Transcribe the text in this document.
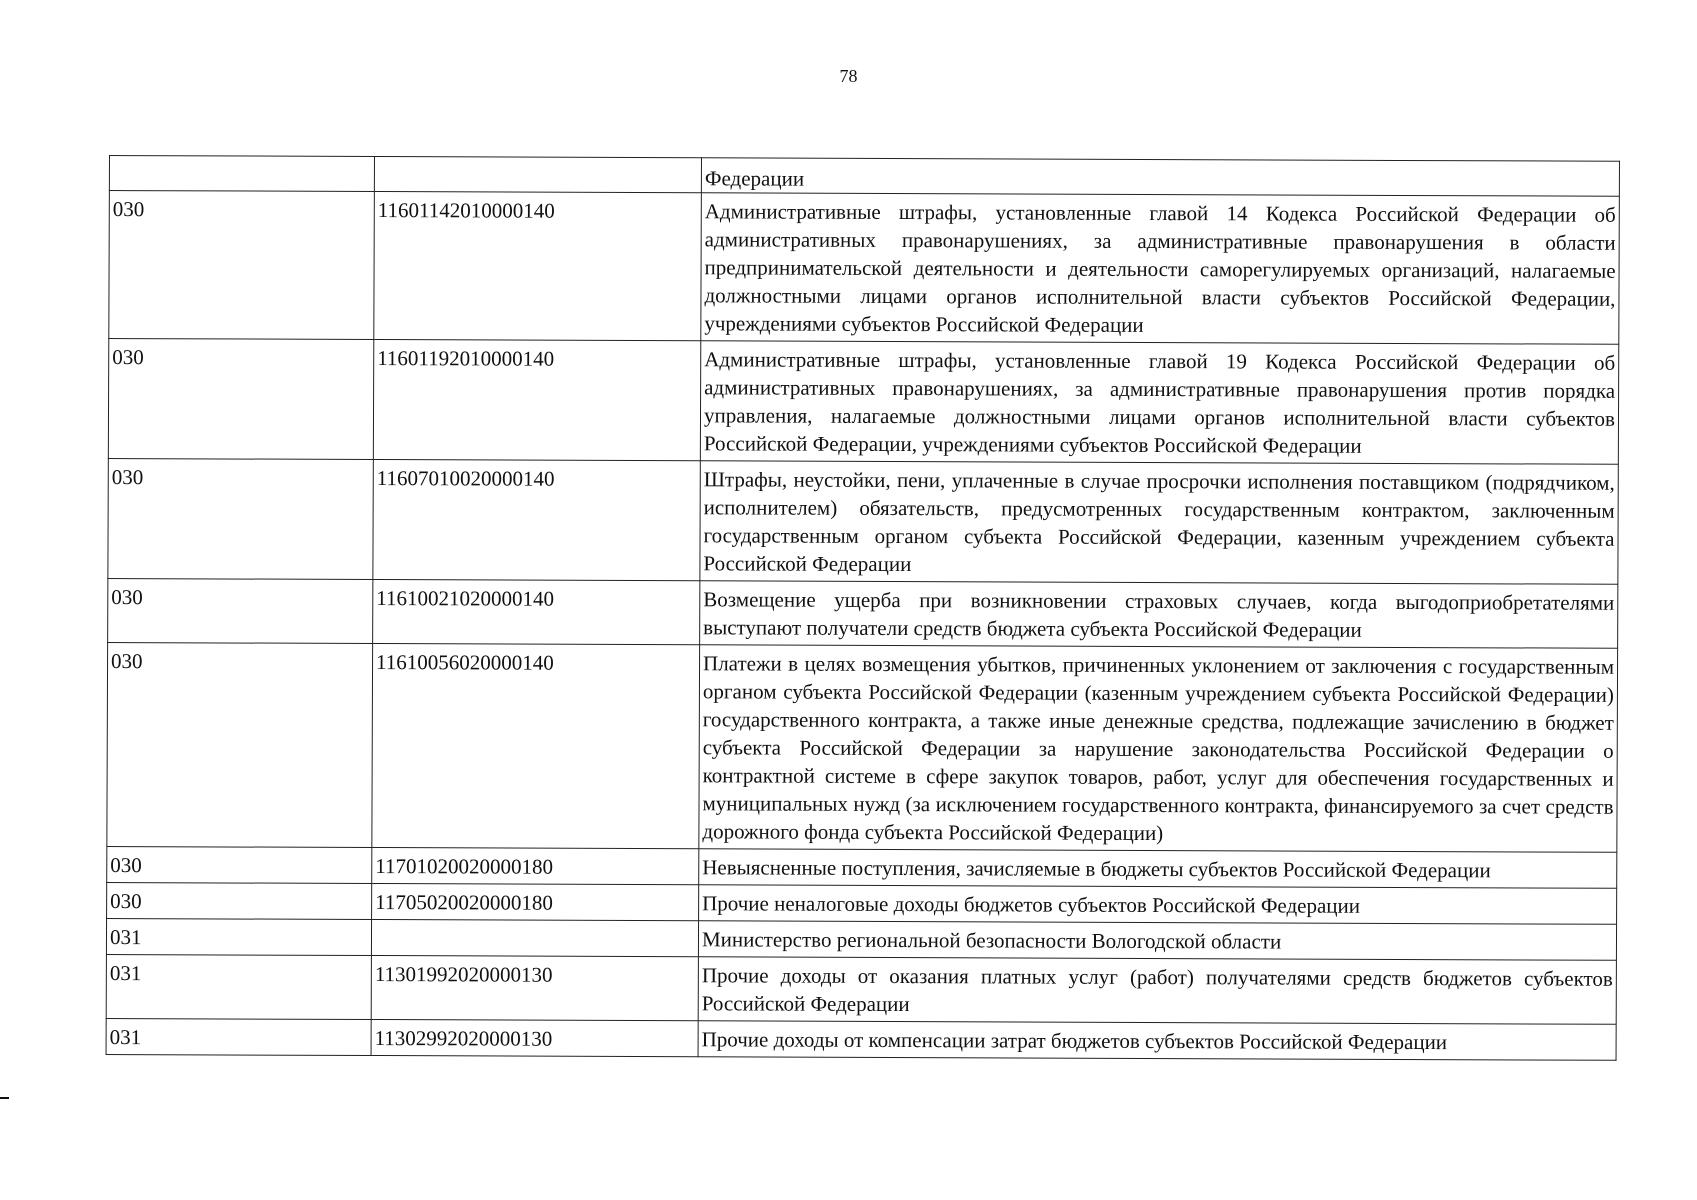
78
		Федерации
030	11601142010000140	Административные штрафы, установленные главой 14 Кодекса Российской Федерации об административных правонарушениях, за административные правонарушения в области предпринимательской деятельности и деятельности саморегулируемых организаций, налагаемые должностными лицами органов исполнительной власти субъектов Российской Федерации, учреждениями субъектов Российской Федерации
030	11601192010000140	Административные штрафы, установленные главой 19 Кодекса Российской Федерации об административных правонарушениях, за административные правонарушения против порядка управления, налагаемые должностными лицами органов исполнительной власти субъектов Российской Федерации, учреждениями субъектов Российской Федерации
030	11607010020000140	Штрафы, неустойки, пени, уплаченные в случае просрочки исполнения поставщиком (подрядчиком, исполнителем) обязательств, предусмотренных государственным контрактом, заключенным государственным органом субъекта Российской Федерации, казенным учреждением субъекта Российской Федерации
030	11610021020000140	Возмещение ущерба при возникновении страховых случаев, когда выгодоприобретателями выступают получатели средств бюджета субъекта Российской Федерации
030	11610056020000140	Платежи в целях возмещения убытков, причиненных уклонением от заключения с государственным органом субъекта Российской Федерации (казенным учреждением субъекта Российской Федерации) государственного контракта, а также иные денежные средства, подлежащие зачислению в бюджет субъекта Российской Федерации за нарушение законодательства Российской Федерации о контрактной системе в сфере закупок товаров, работ, услуг для обеспечения государственных и муниципальных нужд (за исключением государственного контракта, финансируемого за счет средств дорожного фонда субъекта Российской Федерации)
030	11701020020000180	Невыясненные поступления, зачисляемые в бюджеты субъектов Российской Федерации
030	11705020020000180	Прочие неналоговые доходы бюджетов субъектов Российской Федерации
031		Министерство региональной безопасности Вологодской области
031	11301992020000130	Прочие доходы от оказания платных услуг (работ) получателями средств бюджетов субъектов Российской Федерации
031	11302992020000130	Прочие доходы от компенсации затрат бюджетов субъектов Российской Федерации
